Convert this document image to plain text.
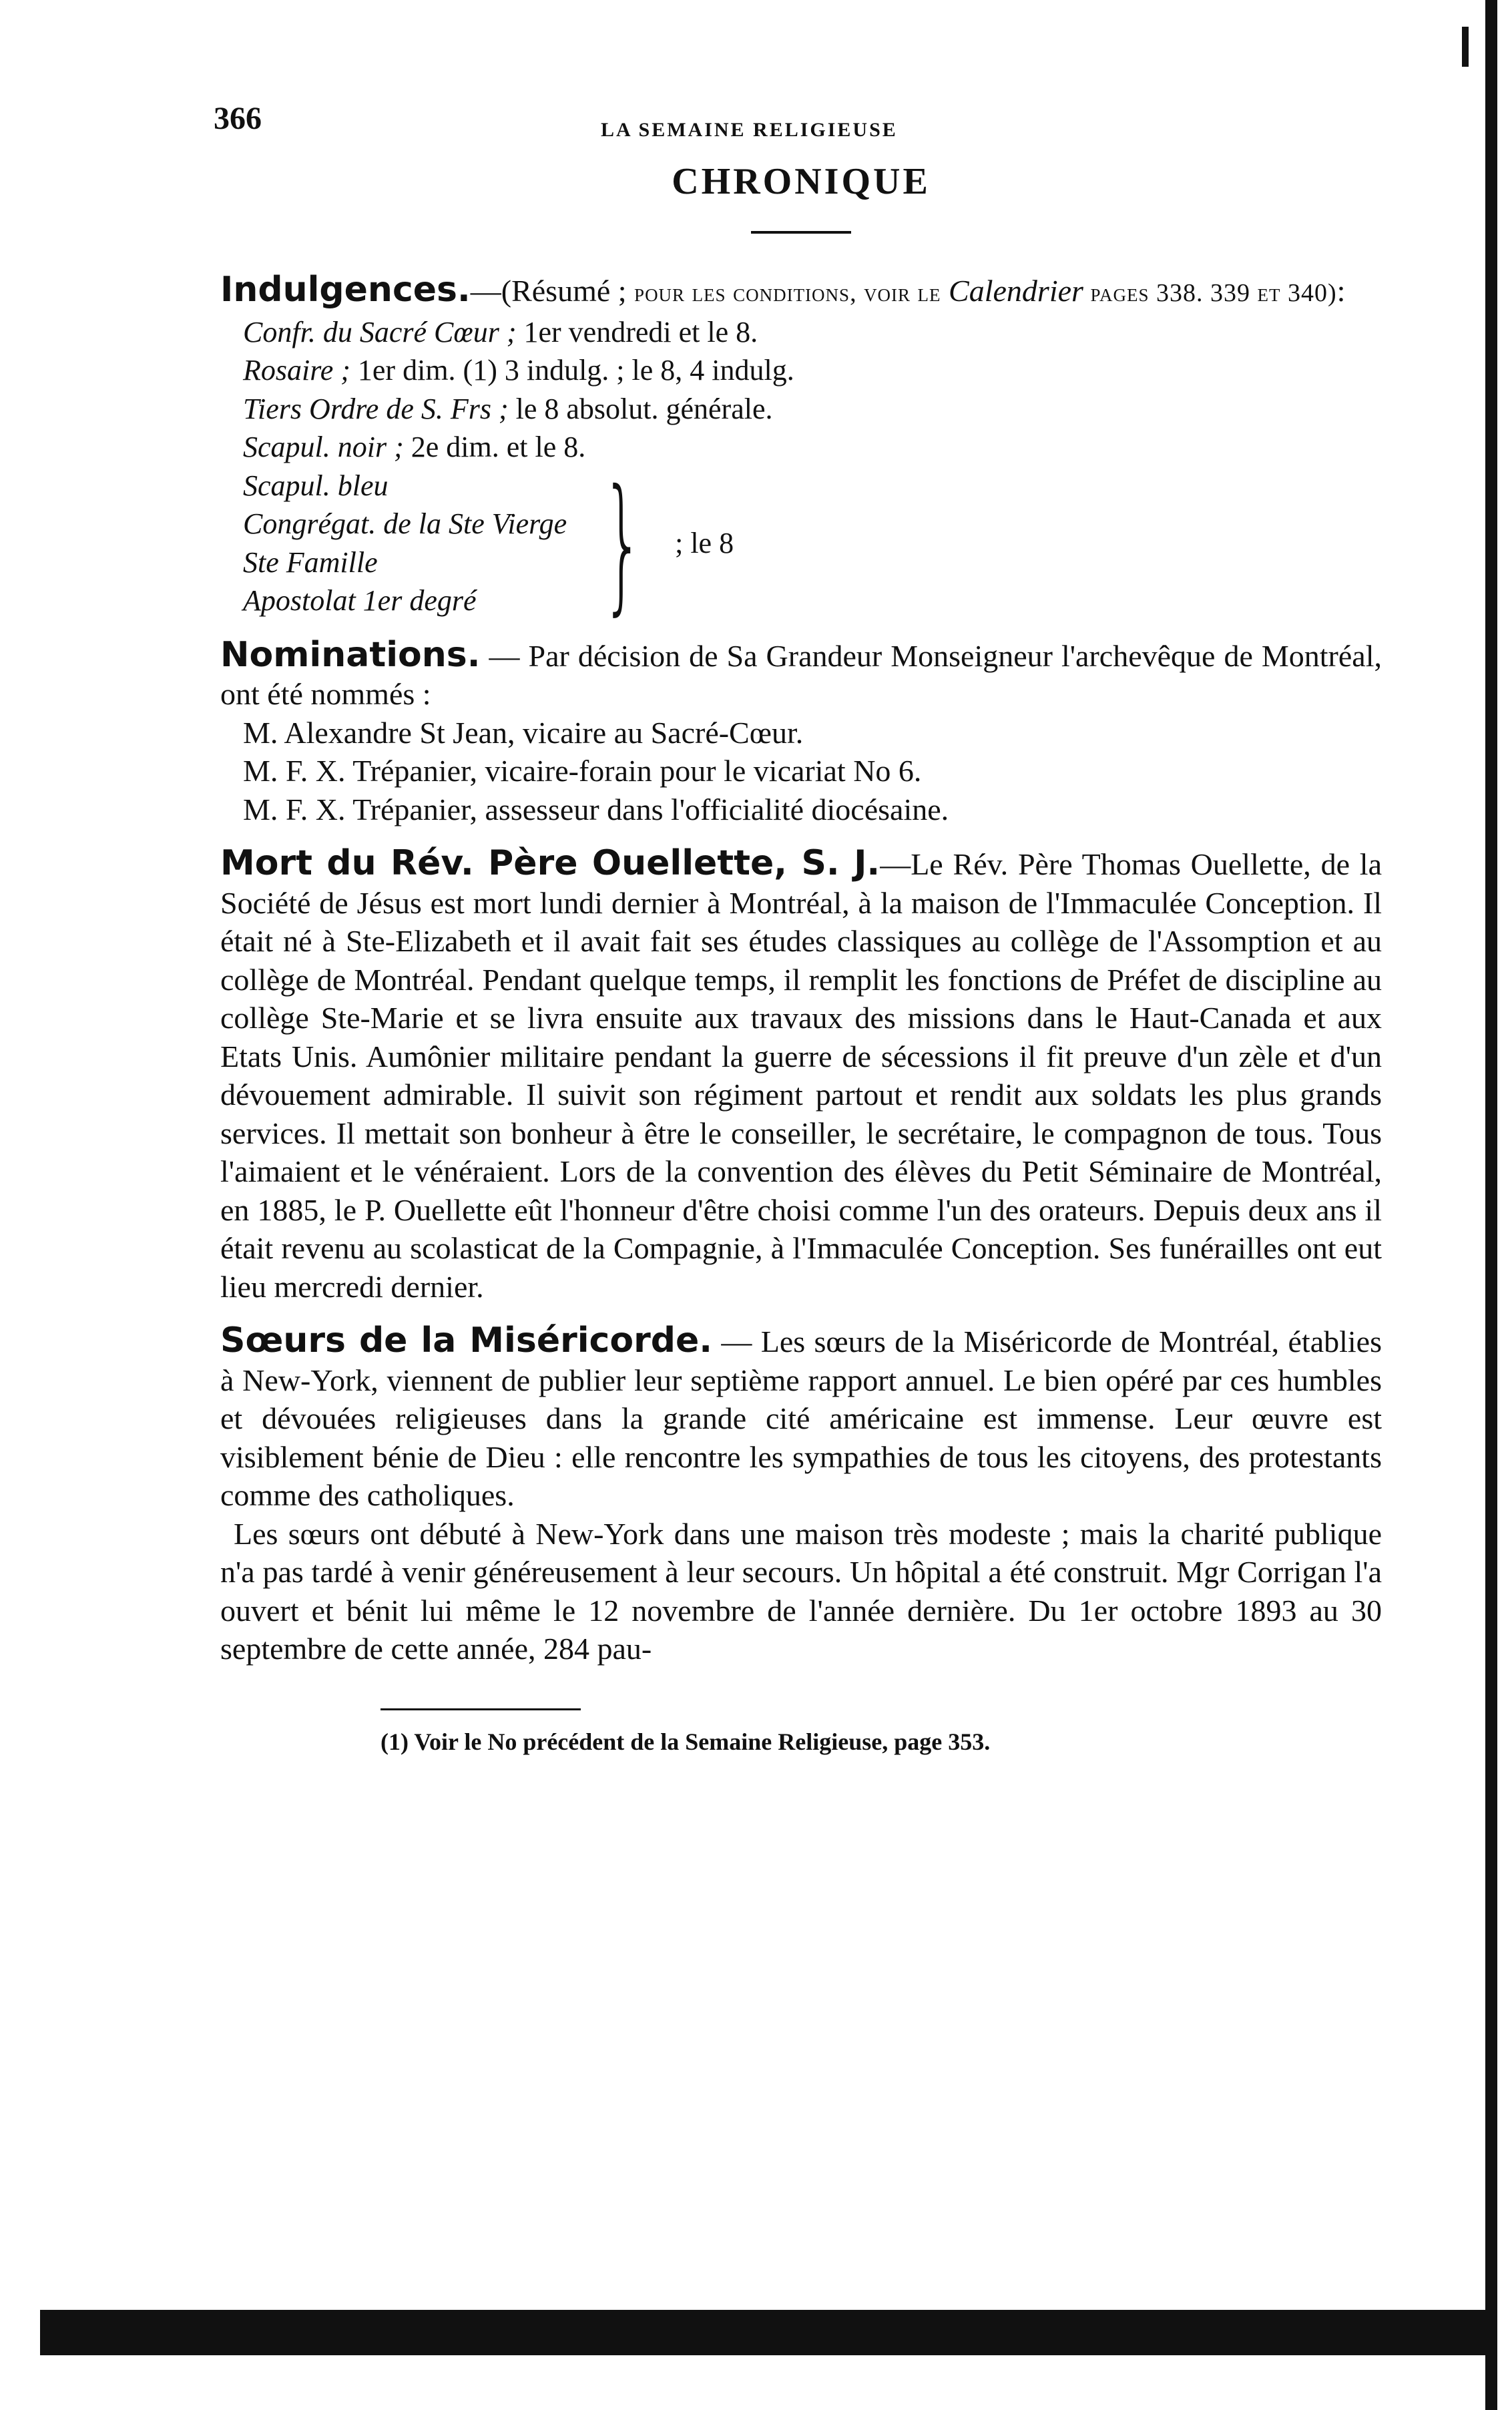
366	LA SEMAINE RELIGIEUSE
CHRONIQUE

Indulgences.—(Résumé ; pour les conditions, voir le Calendrier pages 338. 339 et 340):

Confr. du Sacré Cœur ; 1er vendredi et le 8.
Rosaire ; 1er dim. (1) 3 indulg. ; le 8, 4 indulg.
Tiers Ordre de S. Frs ; le 8 absolut. générale.
Scapul. noir ; 2e dim. et le 8.
Scapul. bleu
Congrégat. de la Ste Vierge
Ste Famille
Apostolat 1er degré } ; le 8

Nominations. — Par décision de Sa Grandeur Monseigneur l'archevêque de Montréal, ont été nommés :

M. Alexandre St Jean, vicaire au Sacré-Cœur.
M. F. X. Trépanier, vicaire-forain pour le vicariat No 6.
M. F. X. Trépanier, assesseur dans l'officialité diocésaine.

Mort du Rév. Père Ouellette, S. J.—Le Rév. Père Thomas Ouellette, de la Société de Jésus est mort lundi dernier à Montréal, à la maison de l'Immaculée Conception. Il était né à Ste-Elizabeth et il avait fait ses études classiques au collège de l'Assomption et au collège de Montréal. Pendant quelque temps, il remplit les fonctions de Préfet de discipline au collège Ste-Marie et se livra ensuite aux travaux des missions dans le Haut-Canada et aux Etats Unis. Aumônier militaire pendant la guerre de sécessions il fit preuve d'un zèle et d'un dévouement admirable. Il suivit son régiment partout et rendit aux soldats les plus grands services. Il mettait son bonheur à être le conseiller, le secrétaire, le compagnon de tous. Tous l'aimaient et le vénéraient. Lors de la convention des élèves du Petit Séminaire de Montréal, en 1885, le P. Ouellette eût l'honneur d'être choisi comme l'un des orateurs. Depuis deux ans il était revenu au scolasticat de la Compagnie, à l'Immaculée Conception. Ses funérailles ont eut lieu mercredi dernier.

Sœurs de la Miséricorde. — Les sœurs de la Miséricorde de Montréal, établies à New-York, viennent de publier leur septième rapport annuel. Le bien opéré par ces humbles et dévouées religieuses dans la grande cité américaine est immense. Leur œuvre est visiblement bénie de Dieu : elle rencontre les sympathies de tous les citoyens, des protestants comme des catholiques.

Les sœurs ont débuté à New-York dans une maison très modeste ; mais la charité publique n'a pas tardé à venir généreusement à leur secours. Un hôpital a été construit. Mgr Corrigan l'a ouvert et bénit lui même le 12 novembre de l'année dernière. Du 1er octobre 1893 au 30 septembre de cette année, 284 pau-

(1) Voir le No précédent de la Semaine Religieuse, page 353.
